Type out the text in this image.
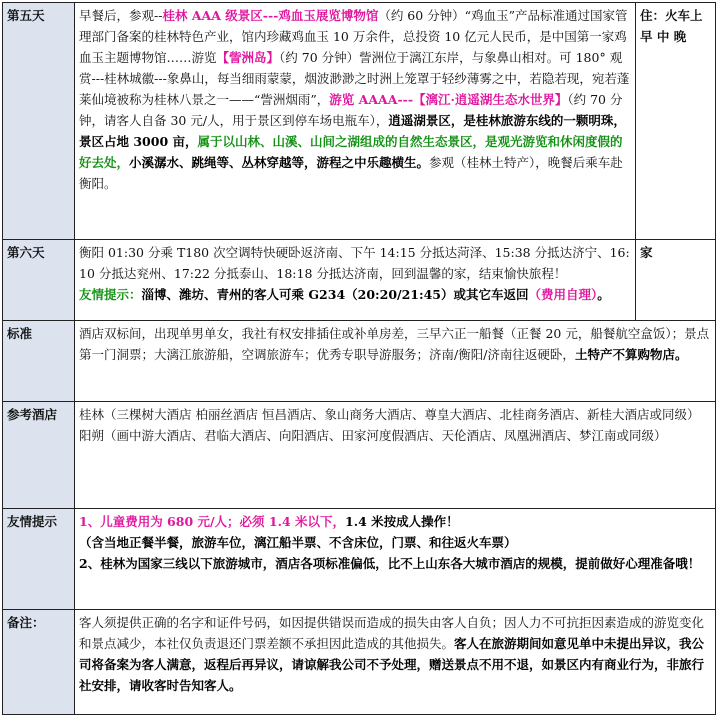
第五天	早餐后，参观--桂林 AAA 级景区---鸡血玉展览博物馆（约 60 分钟）“鸡血玉”产品标准通过国家管理部门备案的桂林特色产业，馆内珍藏鸡血玉 10 万余件，总投资 10 亿元人民币，是中国第一家鸡血玉主题博物馆……游览【訾洲岛】（约 70 分钟）訾洲位于漓江东岸，与象鼻山相对。可 180° 观赏---桂林城徽---象鼻山，每当细雨蒙蒙，烟波渺渺之时洲上笼罩于轻纱薄雾之中，若隐若现，宛若蓬莱仙境被称为桂林八景之一——“訾洲烟雨”，游览 AAAA---【漓江·逍遥湖生态水世界】（约 70 分钟，请客人自备 30 元/人，用于景区到停车场电瓶车），逍遥湖景区，是桂林旅游东线的一颗明珠，景区占地 3000 亩，属于以山林、山溪、山间之湖组成的自然生态景区，是观光游览和休闲度假的好去处，小溪潺水、跳绳等、丛林穿越等，游程之中乐趣横生。参观（桂林土特产），晚餐后乘车赴衡阳。	住：火车上 早 中 晚
第六天	衡阳 01:30 分乘 T180 次空调特快硬卧返济南、下午 14:15 分抵达菏泽、15:38 分抵达济宁、16:10 分抵达兖州、17:22 分抵泰山、18:18 分抵达济南，回到温馨的家，结束愉快旅程！
友情提示：淄博、潍坊、青州的客人可乘 G234（20:20/21:45）或其它车返回（费用自理）。	家
标准	酒店双标间，出现单男单女，我社有权安排插住或补单房差，三早六正一船餐（正餐 20 元，船餐航空盒饭）；景点第一门洞票；大漓江旅游船，空调旅游车；优秀专职导游服务；济南/衡阳/济南往返硬卧，土特产不算购物店。	
参考酒店	桂林（三棵树大酒店 柏丽丝酒店 恒昌酒店、象山商务大酒店、尊皇大酒店、北桂商务酒店、新桂大酒店或同级）
阳朔（画中游大酒店、君临大酒店、向阳酒店、田家河度假酒店、天伦酒店、凤凰洲酒店、梦江南或同级）	

友情提示	1、儿童费用为 680 元/人；必须 1.4 米以下，1.4 米按成人操作！
（含当地正餐半餐，旅游车位，漓江船半票、不含床位，门票、和往返火车票）
2、桂林为国家三线以下旅游城市，酒店各项标准偏低，比不上山东各大城市酒店的规模，提前做好心理准备哦！	

备注：	客人须提供正确的名字和证件号码，如因提供错误而造成的损失由客人自负；因人力不可抗拒因素造成的游览变化和景点减少，本社仅负责退还门票差额不承担因此造成的其他损失。客人在旅游期间如意见单中未提出异议，我公司将备案为客人满意，返程后再异议，请谅解我公司不予处理，赠送景点不用不退，如景区内有商业行为，非旅行社安排，请收客时告知客人。	
